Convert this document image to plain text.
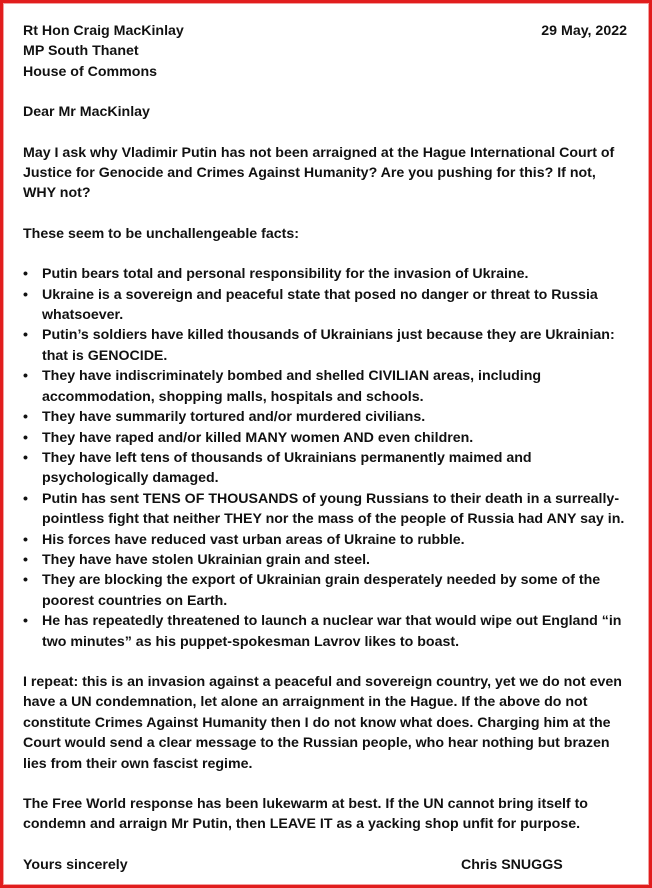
Rt Hon Craig MacKinlay
MP South Thanet
House of Commons
29 May, 2022
Dear Mr MacKinlay
May I ask why Vladimir Putin has not been arraigned at the Hague International Court of Justice for Genocide and Crimes Against Humanity? Are you pushing for this? If not, WHY not?
These seem to be unchallengeable facts:
• Putin bears total and personal responsibility for the invasion of Ukraine.
• Ukraine is a sovereign and peaceful state that posed no danger or threat to Russia whatsoever.
• Putin’s soldiers have killed thousands of Ukrainians just because they are Ukrainian: that is GENOCIDE.
• They have indiscriminately bombed and shelled CIVILIAN areas, including accommodation, shopping malls, hospitals and schools.
• They have summarily tortured and/or murdered civilians.
• They have raped and/or killed MANY women AND even children.
• They have left tens of thousands of Ukrainians permanently maimed and psychologically damaged.
• Putin has sent TENS OF THOUSANDS of young Russians to their death in a surreally-pointless fight that neither THEY nor the mass of the people of Russia had ANY say in.
• His forces have reduced vast urban areas of Ukraine to rubble.
• They have have stolen Ukrainian grain and steel.
• They are blocking the export of Ukrainian grain desperately needed by some of the poorest countries on Earth.
• He has repeatedly threatened to launch a nuclear war that would wipe out England “in two minutes” as his puppet-spokesman Lavrov likes to boast.
I repeat: this is an invasion against a peaceful and sovereign country, yet we do not even have a UN condemnation, let alone an arraignment in the Hague. If the above do not constitute Crimes Against Humanity then I do not know what does. Charging him at the Court would send a clear message to the Russian people, who hear nothing but brazen lies from their own fascist regime.
The Free World response has been lukewarm at best. If the UN cannot bring itself to condemn and arraign Mr Putin, then LEAVE IT as a yacking shop unfit for purpose.
Yours sincerely	Chris SNUGGS
